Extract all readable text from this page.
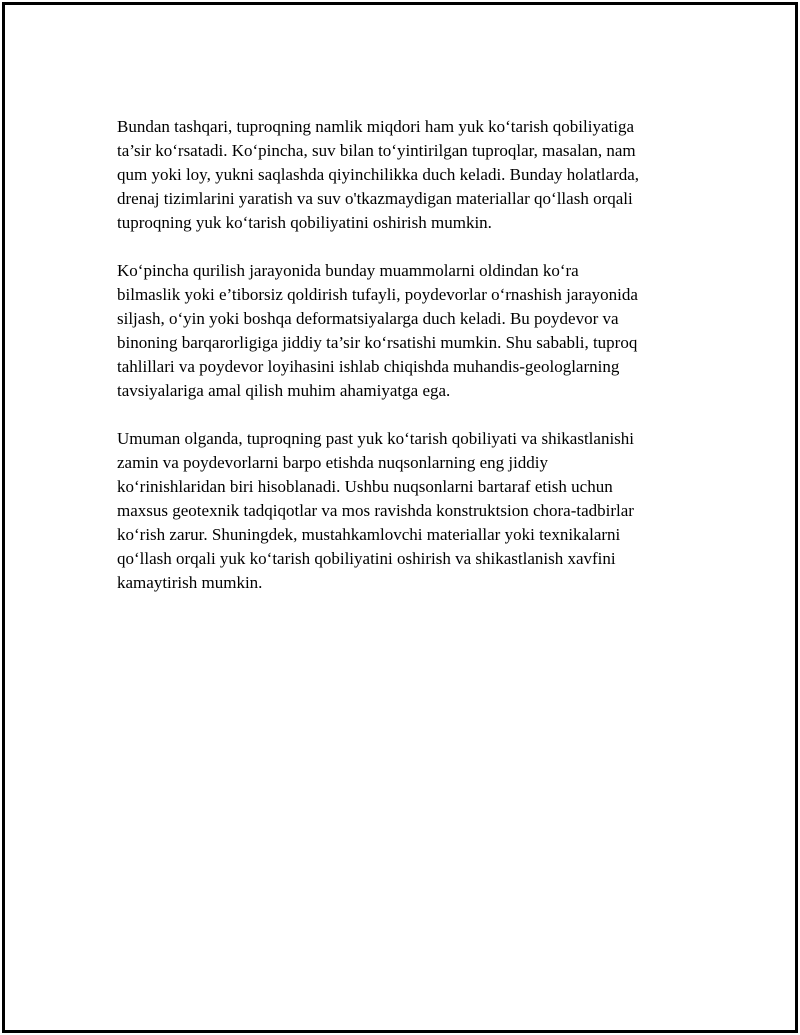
Bundan tashqari, tuproqning namlik miqdori ham yuk ko‘tarish qobiliyatiga
ta’sir ko‘rsatadi. Ko‘pincha, suv bilan to‘yintirilgan tuproqlar, masalan, nam
qum yoki loy, yukni saqlashda qiyinchilikka duch keladi. Bunday holatlarda,
drenaj tizimlarini yaratish va suv o'tkazmaydigan materiallar qo‘llash orqali
tuproqning yuk ko‘tarish qobiliyatini oshirish mumkin.

Ko‘pincha qurilish jarayonida bunday muammolarni oldindan ko‘ra
bilmaslik yoki e’tiborsiz qoldirish tufayli, poydevorlar o‘rnashish jarayonida
siljash, o‘yin yoki boshqa deformatsiyalarga duch keladi. Bu poydevor va
binoning barqarorligiga jiddiy ta’sir ko‘rsatishi mumkin. Shu sababli, tuproq
tahlillari va poydevor loyihasini ishlab chiqishda muhandis-geologlarning
tavsiyalariga amal qilish muhim ahamiyatga ega.

Umuman olganda, tuproqning past yuk ko‘tarish qobiliyati va shikastlanishi
zamin va poydevorlarni barpo etishda nuqsonlarning eng jiddiy
ko‘rinishlaridan biri hisoblanadi. Ushbu nuqsonlarni bartaraf etish uchun
maxsus geotexnik tadqiqotlar va mos ravishda konstruktsion chora-tadbirlar
ko‘rish zarur. Shuningdek, mustahkamlovchi materiallar yoki texnikalarni
qo‘llash orqali yuk ko‘tarish qobiliyatini oshirish va shikastlanish xavfini
kamaytirish mumkin.
